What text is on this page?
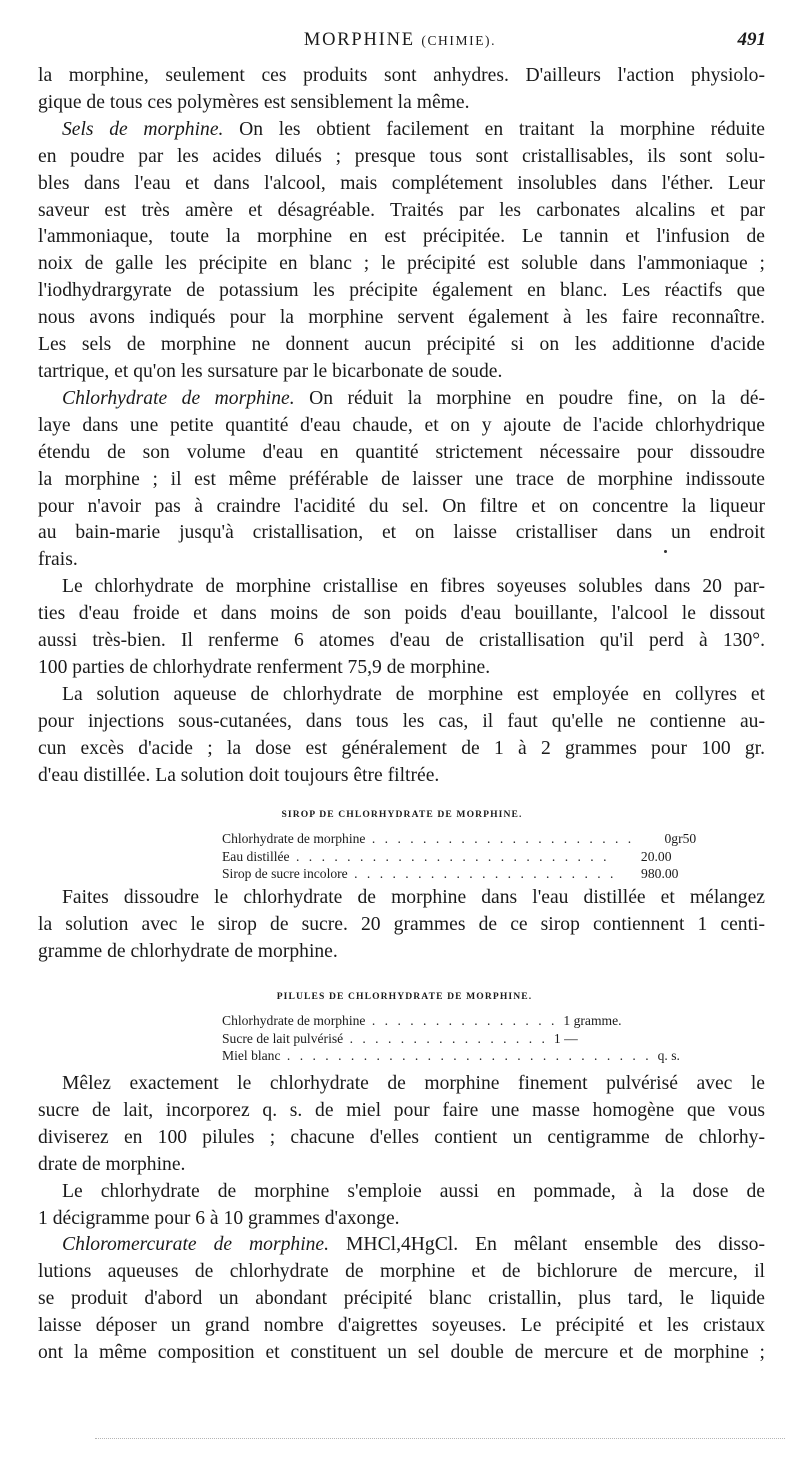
MORPHINE (CHIMIE).	491
la morphine, seulement ces produits sont anhydres. D'ailleurs l'action physiolo-
gique de tous ces polymères est sensiblement la même.
Sels de morphine. On les obtient facilement en traitant la morphine réduite
en poudre par les acides dilués ; presque tous sont cristallisables, ils sont solu-
bles dans l'eau et dans l'alcool, mais complétement insolubles dans l'éther. Leur
saveur est très amère et désagréable. Traités par les carbonates alcalins et par
l'ammoniaque, toute la morphine en est précipitée. Le tannin et l'infusion de
noix de galle les précipite en blanc ; le précipité est soluble dans l'ammoniaque ;
l'iodhydrargyrate de potassium les précipite également en blanc. Les réactifs que
nous avons indiqués pour la morphine servent également à les faire reconnaître.
Les sels de morphine ne donnent aucun précipité si on les additionne d'acide
tartrique, et qu'on les sursature par le bicarbonate de soude.
Chlorhydrate de morphine. On réduit la morphine en poudre fine, on la dé-
laye dans une petite quantité d'eau chaude, et on y ajoute de l'acide chlorhydrique
étendu de son volume d'eau en quantité strictement nécessaire pour dissoudre
la morphine ; il est même préférable de laisser une trace de morphine indissoute
pour n'avoir pas à craindre l'acidité du sel. On filtre et on concentre la liqueur
au bain-marie jusqu'à cristallisation, et on laisse cristalliser dans un endroit
frais.
Le chlorhydrate de morphine cristallise en fibres soyeuses solubles dans 20 par-
ties d'eau froide et dans moins de son poids d'eau bouillante, l'alcool le dissout
aussi très-bien. Il renferme 6 atomes d'eau de cristallisation qu'il perd à 130°.
100 parties de chlorhydrate renferment 75,9 de morphine.
La solution aqueuse de chlorhydrate de morphine est employée en collyres et
pour injections sous-cutanées, dans tous les cas, il faut qu'elle ne contienne au-
cun excès d'acide ; la dose est généralement de 1 à 2 grammes pour 100 gr.
d'eau distillée. La solution doit toujours être filtrée.
SIROP DE CHLORHYDRATE DE MORPHINE.
Chlorhydrate de morphine . . . . . . . . . . . . . . . . . . . . .	0gr50
Eau distillée . . . . . . . . . . . . . . . . . . . . . . . . .	20.00
Sirop de sucre incolore . . . . . . . . . . . . . . . . . . . . .	980.00
Faites dissoudre le chlorhydrate de morphine dans l'eau distillée et mélangez
la solution avec le sirop de sucre. 20 grammes de ce sirop contiennent 1 centi-
gramme de chlorhydrate de morphine.
PILULES DE CHLORHYDRATE DE MORPHINE.
Chlorhydrate de morphine . . . . . . . . . . . . . . . 1 gramme.
Sucre de lait pulvérisé . . . . . . . . . . . . . . . . 1 —
Miel blanc . . . . . . . . . . . . . . . . . . . . . . . . . . . . . q. s.
Mêlez exactement le chlorhydrate de morphine finement pulvérisé avec le
sucre de lait, incorporez q. s. de miel pour faire une masse homogène que vous
diviserez en 100 pilules ; chacune d'elles contient un centigramme de chlorhy-
drate de morphine.
Le chlorhydrate de morphine s'emploie aussi en pommade, à la dose de
1 décigramme pour 6 à 10 grammes d'axonge.
Chloromercurate de morphine. MHCl,4HgCl. En mêlant ensemble des disso-
lutions aqueuses de chlorhydrate de morphine et de bichlorure de mercure, il
se produit d'abord un abondant précipité blanc cristallin, plus tard, le liquide
laisse déposer un grand nombre d'aigrettes soyeuses. Le précipité et les cristaux
ont la même composition et constituent un sel double de mercure et de morphine ;
